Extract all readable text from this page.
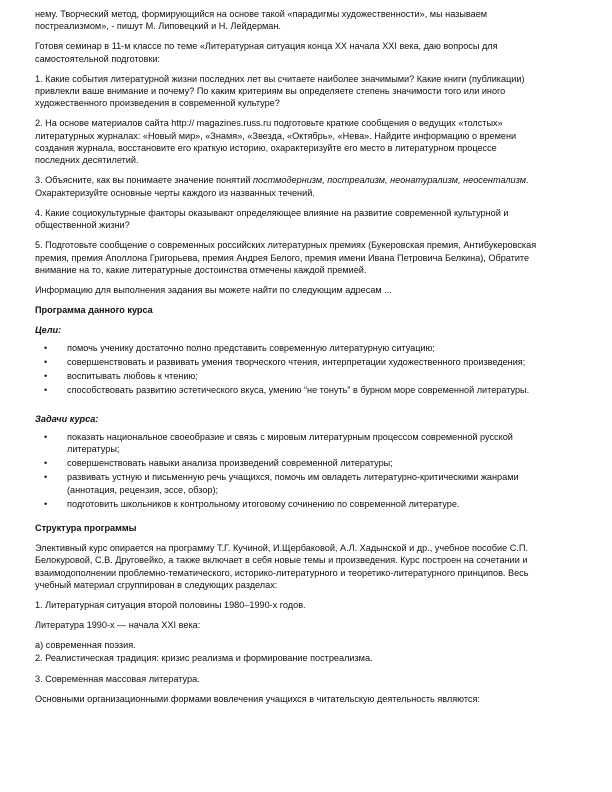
нему. Творческий метод, формирующийся на основе такой «парадигмы художественности», мы называем постреализмом», - пишут М. Липовецкий и Н. Лейдерман.

Готовя семинар в 11-м классе по теме «Литературная ситуация конца XX начала XXI века, даю вопросы для самостоятельной подготовки:

1. Какие события литературной жизни последних лет вы считаете наиболее значимыми? Какие книги (публикации) привлекли ваше внимание и почему? По каким критериям вы определяете степень значимости того или иного художественного произведения в современной культуре?

2. На основе материалов сайта http:// magazines.russ.ru подготовьте краткие сообщения о ведущих «толстых» литературных журналах: «Новый мир», «Знамя», «Звезда, «Октябрь», «Нева». Найдите информацию о времени создания журнала, восстановите его краткую историю, охарактеризуйте его место в литературном процессе последних десятилетий.

3. Объясните, как вы понимаете значение понятий постмодернизм, постреализм, неонатурализм, неосентализм. Охарактеризуйте основные черты каждого из названных течений.

4. Какие социокультурные факторы оказывают определяющее влияние на развитие современной культурной и общественной жизни?

5. Подготовьте сообщение о современных российских литературных премиях (Букеровская премия, Антибукеровская премия, премия Аполлона Григорьева, премия Андрея Белого, премия имени Ивана Петровича Белкина), Обратите внимание на то, какие литературные достоинства отмечены каждой премией.

Информацию для выполнения задания вы можете найти по следующим адресам ...

Программа данного курса
Цели:
• помочь ученику достаточно полно представить современную литературную ситуацию;
• совершенствовать и развивать умения творческого чтения, интерпретации художественного произведения;
• воспитывать любовь к чтению;
• способствовать развитию эстетического вкуса, умению “не тонуть” в бурном море современной литературы.
Задачи курса:
• показать национальное своеобразие и связь с мировым литературным процессом современной русской литературы;
• совершенствовать навыки анализа произведений современной литературы;
• развивать устную и письменную речь учащихся, помочь им овладеть литературно-критическими жанрами (аннотация, рецензия, эссе, обзор);
• подготовить школьников к контрольному итоговому сочинению по современной литературе.
Структура программы

Элективный курс опирается на программу Т.Г. Кучиной, И.Щербаковой, А.Л. Хадынской и др., учебное пособие С.П. Белокуровой, С.В. Друговейко, а также включает в себя новые темы и произведения. Курс построен на сочетании и взаимодополнении проблемно-тематического, историко-литературного и теоретико-литературного принципов. Весь учебный материал сгруппирован в следующих разделах:

1. Литературная ситуация второй половины 1980–1990-х годов.

Литература 1990-х — начала XXI века:

а) современная поэзия.

2. Реалистическая традиция: кризис реализма и формирование постреализма.

3. Современная массовая литература.

Основными организационными формами вовлечения учащихся в читательскую деятельность являются:
